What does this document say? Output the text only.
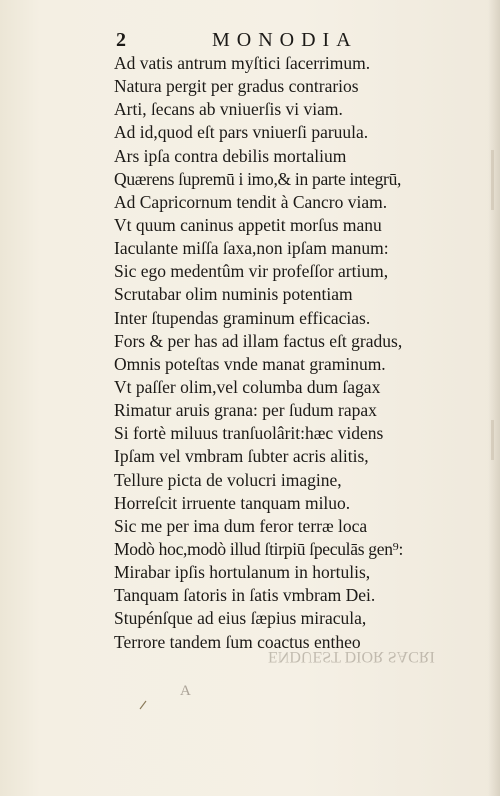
2	MONODIA
Ad vatis antrum myſtici ſacerrimum.
Natura pergit per gradus contrarios
Arti, ſecans ab vniuerſis vi viam.
Ad id,quod eſt pars vniuerſi paruula.
Ars ipſa contra debilis mortalium
Quærens ſupremū i imo,& in parte integrū,
Ad Capricornum tendit à Cancro viam.
Vt quum caninus appetit morſus manu
Iaculante miſſa ſaxa,non ipſam manum:
Sic ego medentûm vir profeſſor artium,
Scrutabar olim numinis potentiam
Inter ſtupendas graminum efficacias.
Fors & per has ad illam factus eſt gradus,
Omnis poteſtas vnde manat graminum.
Vt paſſer olim,vel columba dum ſagax
Rimatur aruis grana: per ſudum rapax
Si fortè miluus tranſuolârit:hæc videns
Ipſam vel vmbram ſubter acris alitis,
Tellure picta de volucri imagine,
Horreſcit irruente tanquam miluo.
Sic me per ima dum feror terræ loca
Modò hoc,modò illud ſtirpiū ſpeculās gen⁹:
Mirabar ipſis hortulanum in hortulis,
Tanquam ſatoris in ſatis vmbram Dei.
Stupénſque ad eius ſæpius miracula,
Terrore tandem ſum coactus entheo
ENDUEST DIOR SACRI
A
